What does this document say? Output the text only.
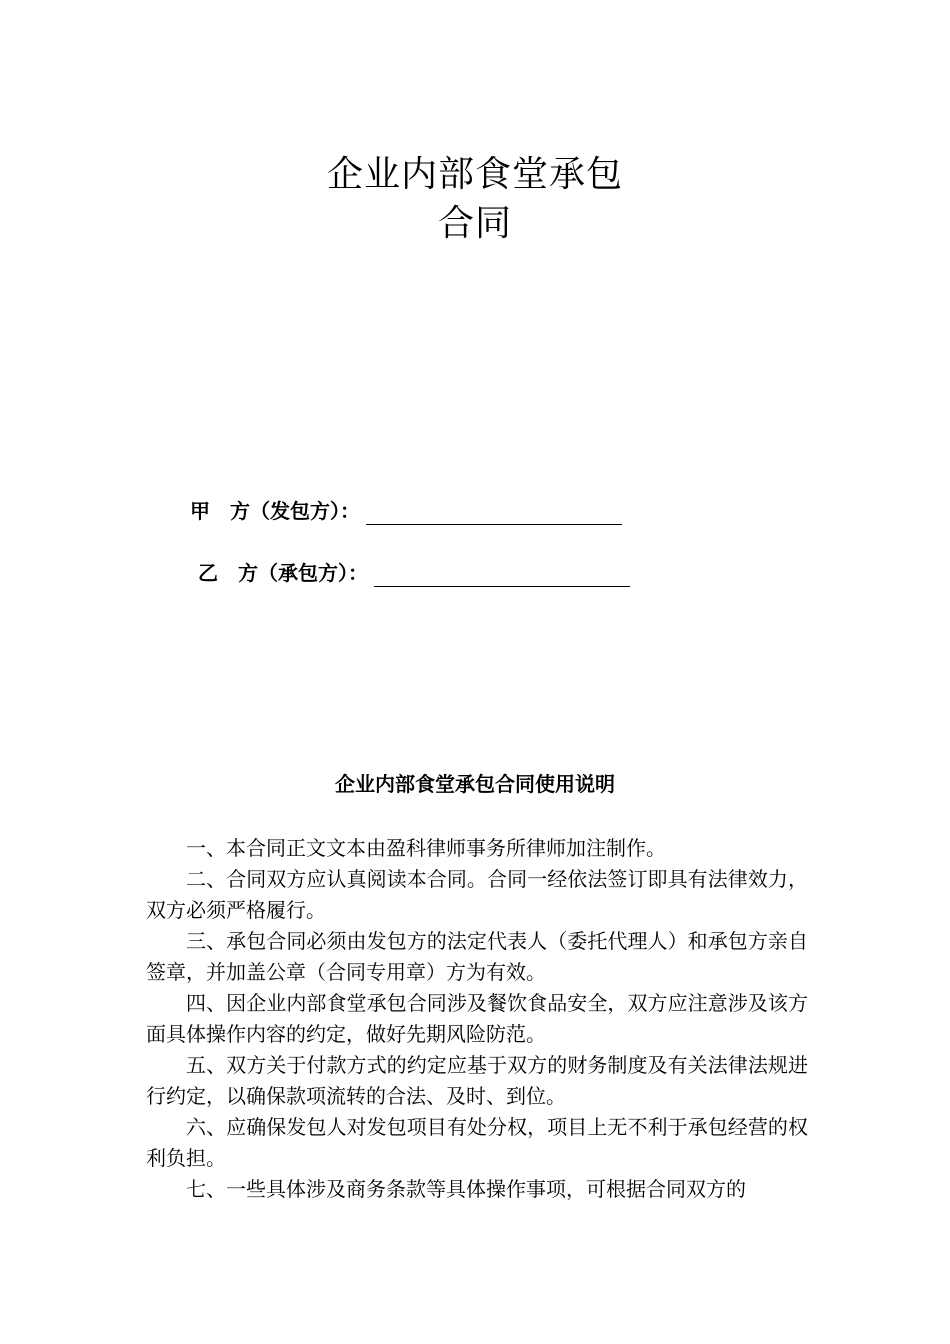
企业内部食堂承包
合同
甲 方（发包方）：
乙 方（承包方）：
企业内部食堂承包合同使用说明

一、本合同正文文本由盈科律师事务所律师加注制作。

二、合同双方应认真阅读本合同。合同一经依法签订即具有法律效力，双方必须严格履行。

三、承包合同必须由发包方的法定代表人（委托代理人）和承包方亲自签章，并加盖公章（合同专用章）方为有效。

四、因企业内部食堂承包合同涉及餐饮食品安全，双方应注意涉及该方面具体操作内容的约定，做好先期风险防范。

五、双方关于付款方式的约定应基于双方的财务制度及有关法律法规进行约定，以确保款项流转的合法、及时、到位。

六、应确保发包人对发包项目有处分权，项目上无不利于承包经营的权利负担。

七、一些具体涉及商务条款等具体操作事项，可根据合同双方的
